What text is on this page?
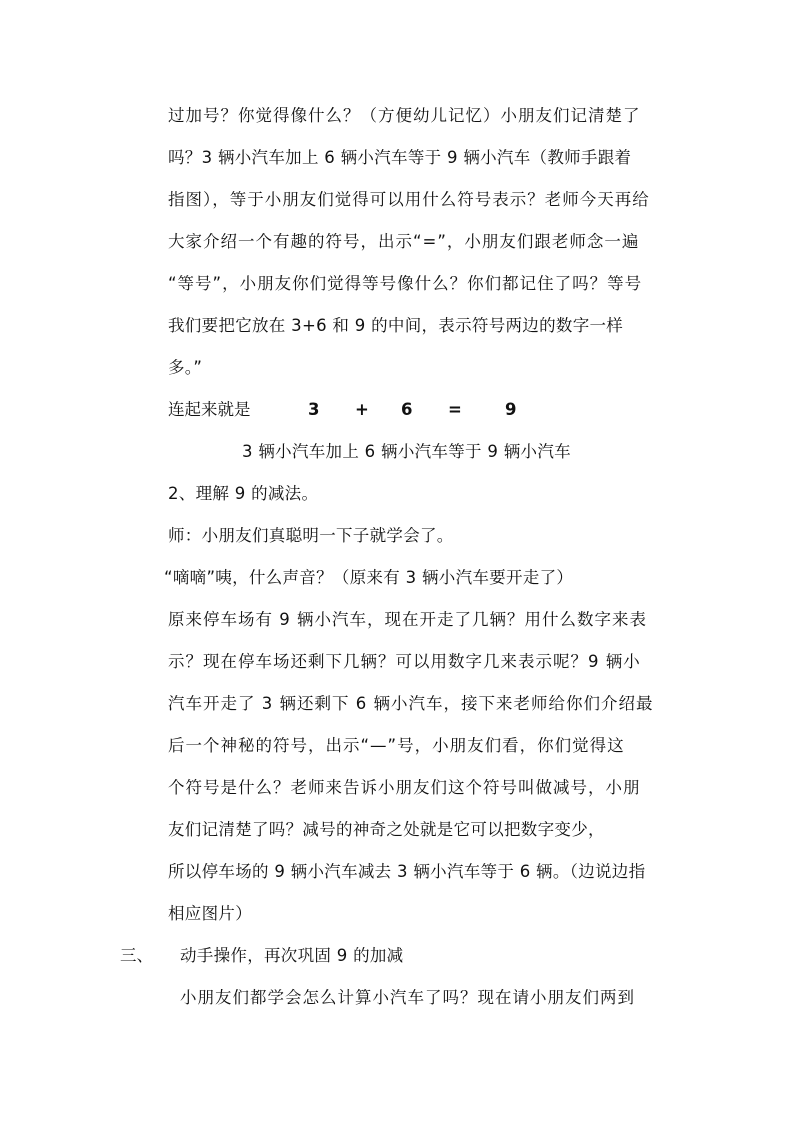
过加号？你觉得像什么？（方便幼儿记忆）小朋友们记清楚了
吗？3 辆小汽车加上 6 辆小汽车等于 9 辆小汽车（教师手跟着
指图），等于小朋友们觉得可以用什么符号表示？老师今天再给
大家介绍一个有趣的符号，出示“=”，小朋友们跟老师念一遍
“等号”，小朋友你们觉得等号像什么？你们都记住了吗？等号
我们要把它放在 3+6 和 9 的中间，表示符号两边的数字一样
多。”
连起来就是	3 + 6 =	9
3 辆小汽车加上 6 辆小汽车等于 9 辆小汽车
2、理解 9 的减法。
师：小朋友们真聪明一下子就学会了。
“嘀嘀”咦，什么声音？（原来有 3 辆小汽车要开走了）
原来停车场有 9 辆小汽车，现在开走了几辆？用什么数字来表
示？现在停车场还剩下几辆？可以用数字几来表示呢？9 辆小
汽车开走了 3 辆还剩下 6 辆小汽车，接下来老师给你们介绍最
后一个神秘的符号，出示“—”号，小朋友们看，你们觉得这
个符号是什么？老师来告诉小朋友们这个符号叫做减号，小朋
友们记清楚了吗？减号的神奇之处就是它可以把数字变少，
所以停车场的 9 辆小汽车减去 3 辆小汽车等于 6 辆。（边说边指
相应图片）
三、 动手操作，再次巩固 9 的加减
小朋友们都学会怎么计算小汽车了吗？现在请小朋友们两到
